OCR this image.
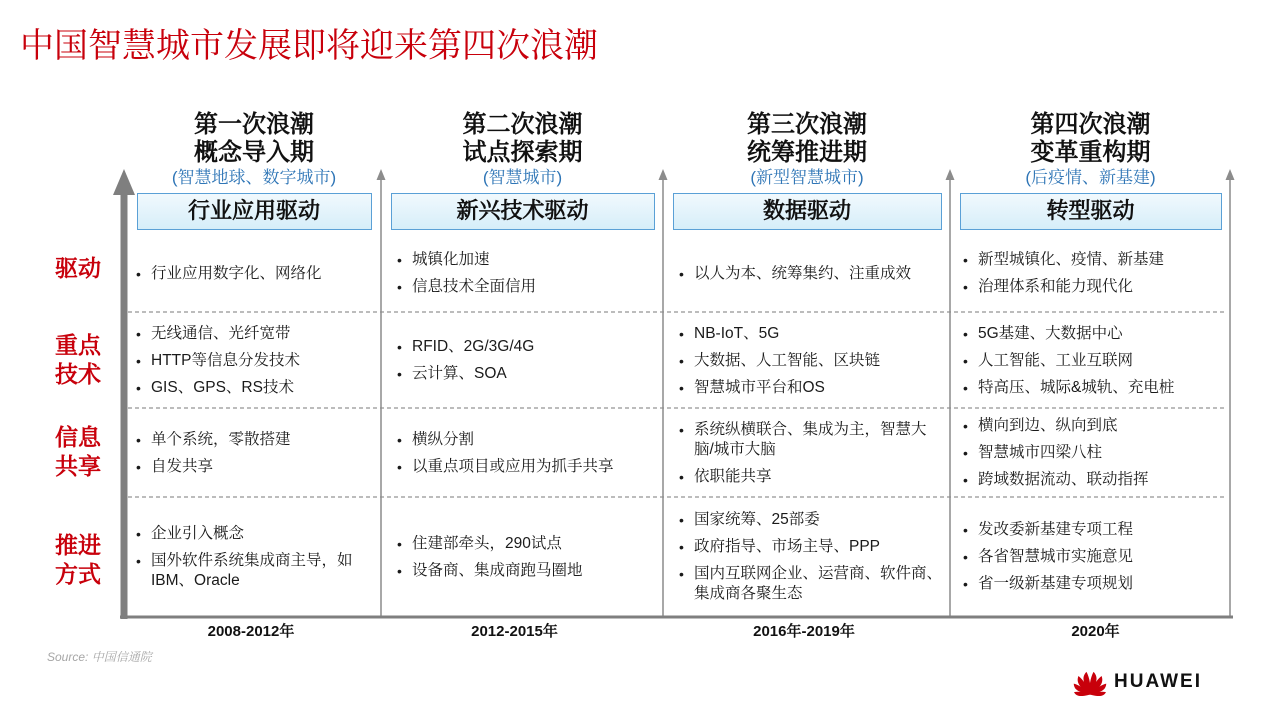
中国智慧城市发展即将迎来第四次浪潮
驱动
重点
技术
信息
共享
推进
方式
第一次浪潮
概念导入期
(智慧地球、数字城市)
行业应用驱动
• 行业应用数字化、网络化
• 无线通信、光纤宽带
• HTTP等信息分发技术
• GIS、GPS、RS技术
• 单个系统，零散搭建
• 自发共享
• 企业引入概念
• 国外软件系统集成商主导，如
IBM、Oracle
2008-2012年
第二次浪潮
试点探索期
(智慧城市)
新兴技术驱动
• 城镇化加速
• 信息技术全面信用
• RFID、2G/3G/4G
• 云计算、SOA
• 横纵分割
• 以重点项目或应用为抓手共享
• 住建部牵头，290试点
• 设备商、集成商跑马圈地
2012-2015年
第三次浪潮
统筹推进期
(新型智慧城市)
数据驱动
• 以人为本、统筹集约、注重成效
• NB-IoT、5G
• 大数据、人工智能、区块链
• 智慧城市平台和OS
• 系统纵横联合、集成为主，智慧大
脑/城市大脑
• 依职能共享
• 国家统筹、25部委
• 政府指导、市场主导、PPP
• 国内互联网企业、运营商、软件商、
集成商各聚生态
2016年-2019年
第四次浪潮
变革重构期
(后疫情、新基建)
转型驱动
• 新型城镇化、疫情、新基建
• 治理体系和能力现代化
• 5G基建、大数据中心
• 人工智能、工业互联网
• 特高压、城际&城轨、充电桩
• 横向到边、纵向到底
• 智慧城市四梁八柱
• 跨域数据流动、联动指挥
• 发改委新基建专项工程
• 各省智慧城市实施意见
• 省一级新基建专项规划
2020年
Source: 中国信通院
HUAWEI
